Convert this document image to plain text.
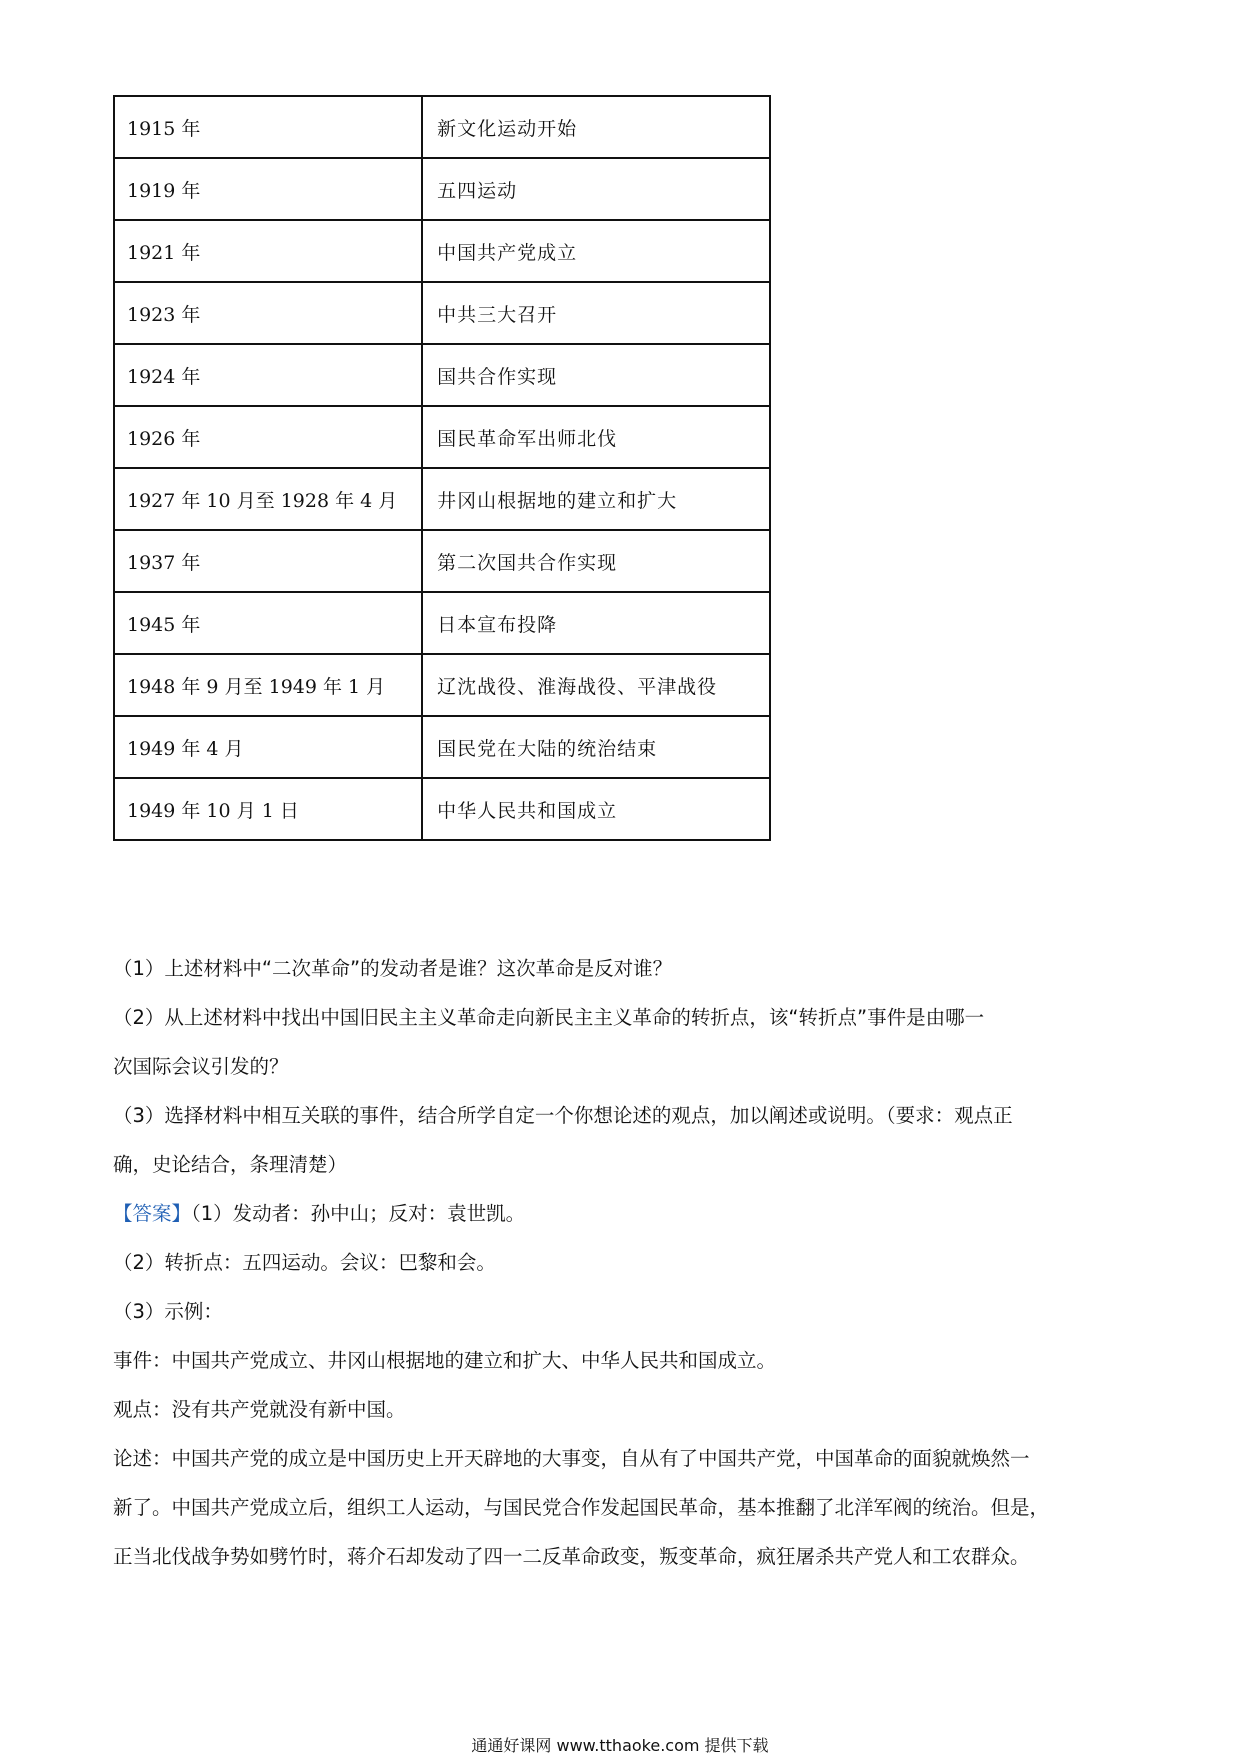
1915 年	新文化运动开始
1919 年	五四运动
1921 年	中国共产党成立
1923 年	中共三大召开
1924 年	国共合作实现
1926 年	国民革命军出师北伐
1927 年 10 月至 1928 年 4 月	井冈山根据地的建立和扩大
1937 年	第二次国共合作实现
1945 年	日本宣布投降
1948 年 9 月至 1949 年 1 月	辽沈战役、淮海战役、平津战役
1949 年 4 月	国民党在大陆的统治结束
1949 年 10 月 1 日	中华人民共和国成立

（1）上述材料中“二次革命”的发动者是谁？这次革命是反对谁？

（2）从上述材料中找出中国旧民主主义革命走向新民主主义革命的转折点，该“转折点”事件是由哪一

次国际会议引发的？

（3）选择材料中相互关联的事件，结合所学自定一个你想论述的观点，加以阐述或说明。（要求：观点正

确，史论结合，条理清楚）

【答案】（1）发动者：孙中山；反对：袁世凯。

（2）转折点：五四运动。会议：巴黎和会。

（3）示例：

事件：中国共产党成立、井冈山根据地的建立和扩大、中华人民共和国成立。

观点：没有共产党就没有新中国。

论述：中国共产党的成立是中国历史上开天辟地的大事变，自从有了中国共产党，中国革命的面貌就焕然一

新了。中国共产党成立后，组织工人运动，与国民党合作发起国民革命，基本推翻了北洋军阀的统治。但是，

正当北伐战争势如劈竹时，蒋介石却发动了四一二反革命政变，叛变革命，疯狂屠杀共产党人和工农群众。

通通好课网 www.tthaoke.com 提供下载
